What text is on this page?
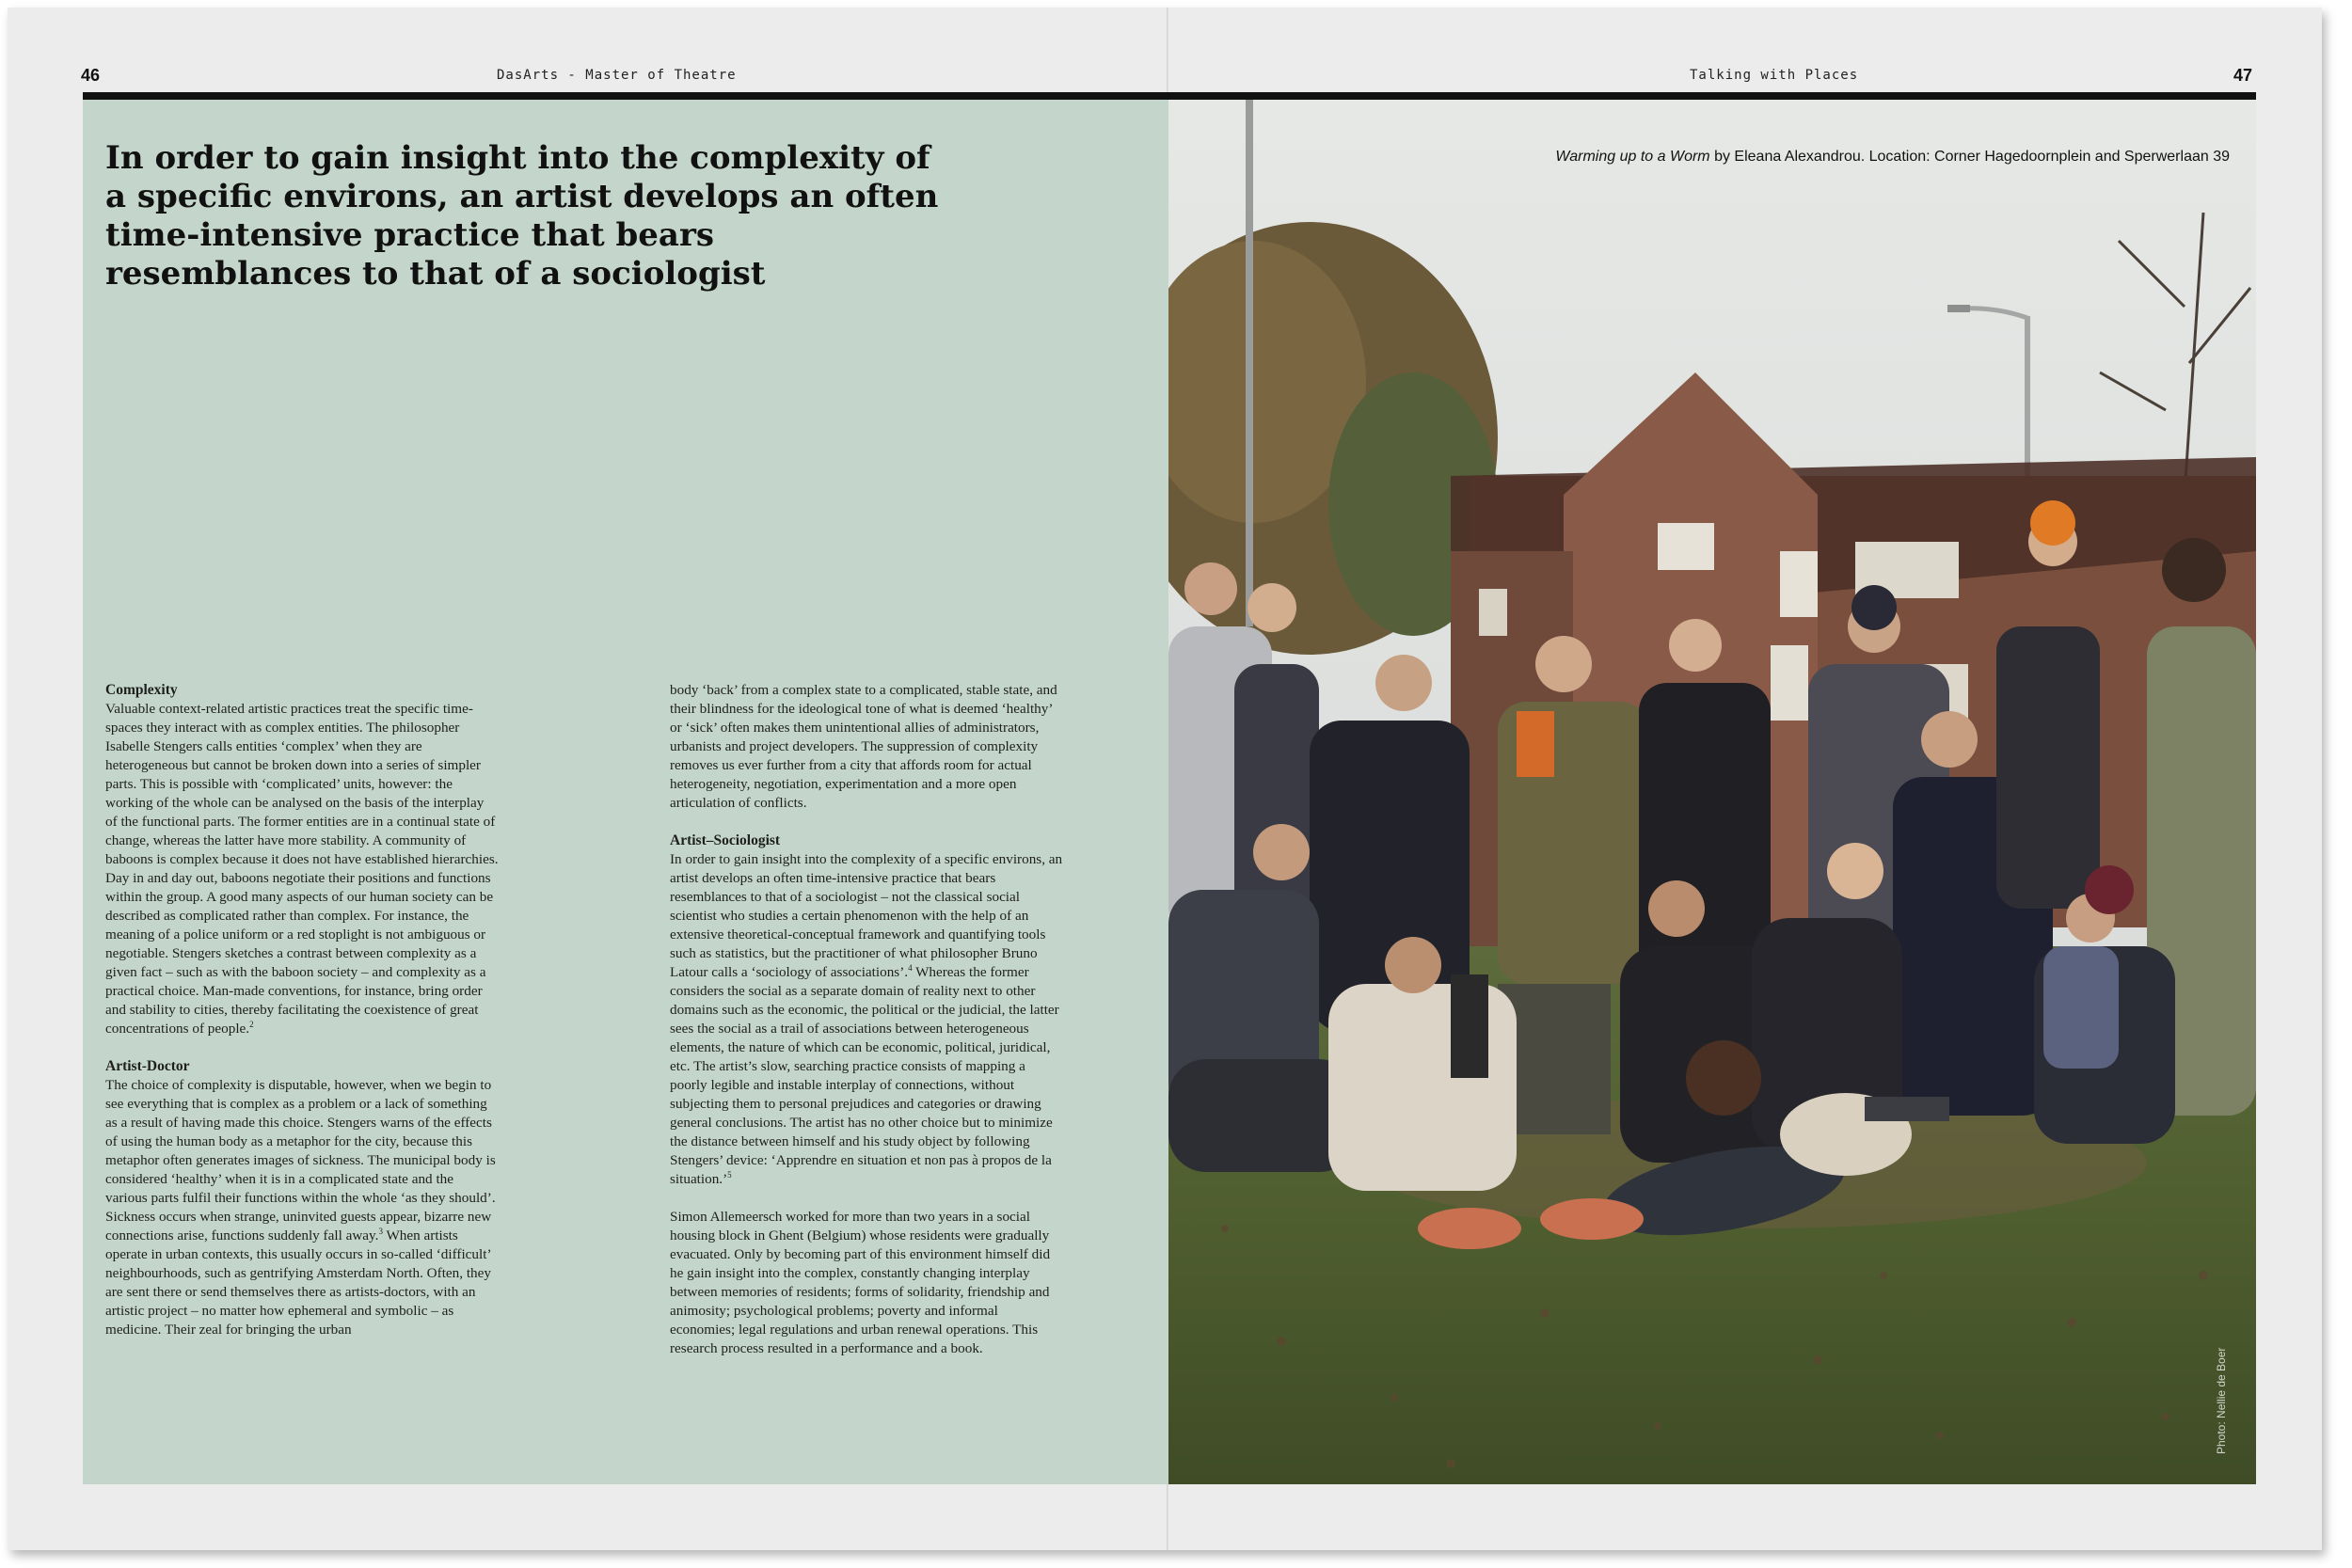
46	DasArts - Master of Theatre	Talking with Places	47
In order to gain insight into the complexity of a specific environs, an artist develops an often time-intensive practice that bears resemblances to that of a sociologist
Complexity

Valuable context-related artistic practices treat the specific time-spaces they interact with as complex entities. The philosopher Isabelle Stengers calls entities ‘complex’ when they are heterogeneous but cannot be broken down into a series of simpler parts. This is possible with ‘complicated’ units, however: the working of the whole can be analysed on the basis of the interplay of the functional parts. The former entities are in a continual state of change, whereas the latter have more stability. A community of baboons is complex because it does not have established hierarchies. Day in and day out, baboons negotiate their positions and functions within the group. A good many aspects of our human society can be described as complicated rather than complex. For instance, the meaning of a police uniform or a red stoplight is not ambiguous or negotiable. Stengers sketches a contrast between complexity as a given fact – such as with the baboon society – and complexity as a practical choice. Man-made conventions, for instance, bring order and stability to cities, thereby facilitating the coexistence of great concentrations of people.$^2$

Artist-Doctor

The choice of complexity is disputable, however, when we begin to see everything that is complex as a problem or a lack of something as a result of having made this choice. Stengers warns of the effects of using the human body as a metaphor for the city, because this metaphor often generates images of sickness. The municipal body is considered ‘healthy’ when it is in a complicated state and the various parts fulfil their functions within the whole ‘as they should’. Sickness occurs when strange, uninvited guests appear, bizarre new connections arise, functions suddenly fall away.$^3$ When artists operate in urban contexts, this usually occurs in so-called ‘difficult’ neighbourhoods, such as gentrifying Amsterdam North. Often, they are sent there or send themselves there as artists-doctors, with an artistic project – no matter how ephemeral and symbolic – as medicine. Their zeal for bringing the urban

body ‘back’ from a complex state to a complicated, stable state, and their blindness for the ideological tone of what is deemed ‘healthy’ or ‘sick’ often makes them unintentional allies of administrators, urbanists and project developers. The suppression of complexity removes us ever further from a city that affords room for actual heterogeneity, negotiation, experimentation and a more open articulation of conflicts.

Artist–Sociologist

In order to gain insight into the complexity of a specific environs, an artist develops an often time-intensive practice that bears resemblances to that of a sociologist – not the classical social scientist who studies a certain phenomenon with the help of an extensive theoretical-conceptual framework and quantifying tools such as statistics, but the practitioner of what philosopher Bruno Latour calls a ‘sociology of associations’.$^4$ Whereas the former considers the social as a separate domain of reality next to other domains such as the economic, the political or the judicial, the latter sees the social as a trail of associations between heterogeneous elements, the nature of which can be economic, political, juridical, etc. The artist’s slow, searching practice consists of mapping a poorly legible and instable interplay of connections, without subjecting them to personal prejudices and categories or drawing general conclusions. The artist has no other choice but to minimize the distance between himself and his study object by following Stengers’ device: ‘Apprendre en situation et non pas à propos de la situation.’$^5$

Simon Allemeersch worked for more than two years in a social housing block in Ghent (Belgium) whose residents were gradually evacuated. Only by becoming part of this environment himself did he gain insight into the complex, constantly changing interplay between memories of residents; forms of solidarity, friendship and animosity; psychological problems; poverty and informal economies; legal regulations and urban renewal operations. This research process resulted in a performance and a book.

Warming up to a Worm by Eleana Alexandrou. Location: Corner Hagedoornplein and Sperwerlaan 39
Photo: Nellie de Boer
